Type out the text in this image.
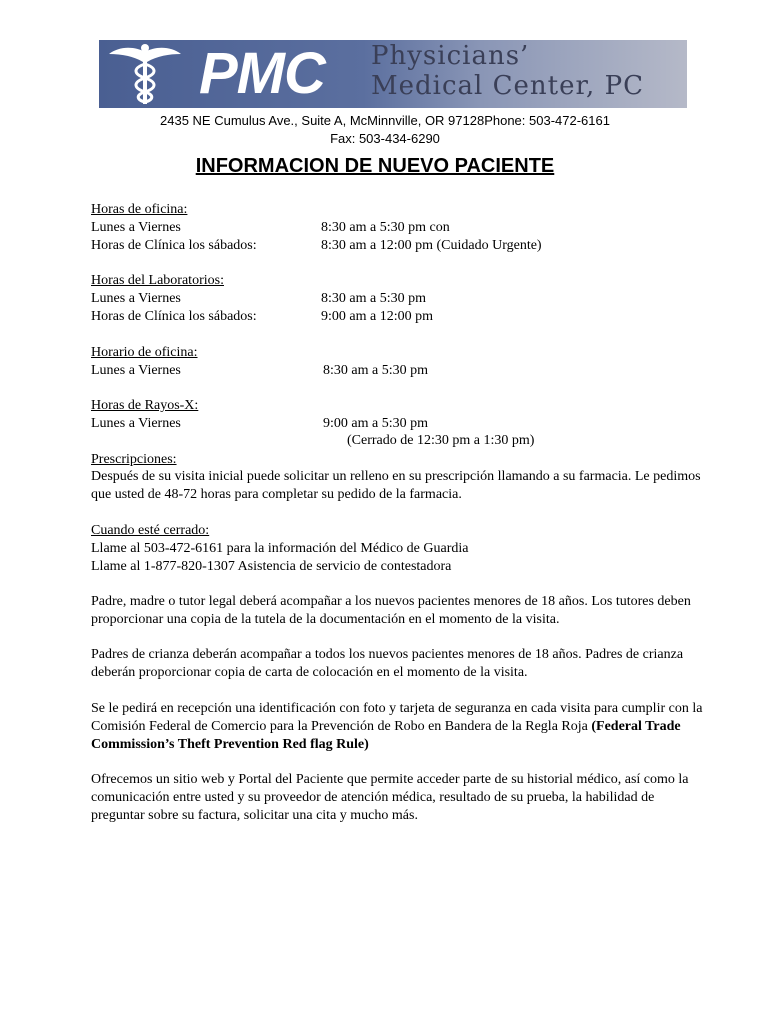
PMC Physicians’
Medical Center, PC
2435 NE Cumulus Ave., Suite A, McMinnville, OR 97128Phone: 503-472-6161
Fax: 503-434-6290
INFORMACION DE NUEVO PACIENTE
Horas de oficina:
Lunes a Viernes	8:30 am a 5:30 pm con
Horas de Clínica los sábados:	8:30 am a 12:00 pm (Cuidado Urgente)
Horas del Laboratorios:
Lunes a Viernes	8:30 am a 5:30 pm
Horas de Clínica los sábados:	9:00 am a 12:00 pm
Horario de oficina:
Lunes a Viernes	8:30 am a 5:30 pm
Horas de Rayos-X:
Lunes a Viernes	9:00 am a 5:30 pm
(Cerrado de 12:30 pm a 1:30 pm)
Prescripciones:
Después de su visita inicial puede solicitar un relleno en su prescripción llamando a su farmacia. Le pedimos que usted de 48-72 horas para completar su pedido de la farmacia.
Cuando esté cerrado:
Llame al 503-472-6161 para la información del Médico de Guardia
Llame al 1-877-820-1307 Asistencia de servicio de contestadora
Padre, madre o tutor legal deberá acompañar a los nuevos pacientes menores de 18 años. Los tutores deben proporcionar una copia de la tutela de la documentación en el momento de la visita.
Padres de crianza deberán acompañar a todos los nuevos pacientes menores de 18 años. Padres de crianza deberán proporcionar copia de carta de colocación en el momento de la visita.
Se le pedirá en recepción una identificación con foto y tarjeta de seguranza en cada visita para cumplir con la Comisión Federal de Comercio para la Prevención de Robo en Bandera de la Regla Roja (Federal Trade Commission’s Theft Prevention Red flag Rule)
Ofrecemos un sitio web y Portal del Paciente que permite acceder parte de su historial médico, así como la comunicación entre usted y su proveedor de atención médica, resultado de su prueba, la habilidad de preguntar sobre su factura, solicitar una cita y mucho más.
